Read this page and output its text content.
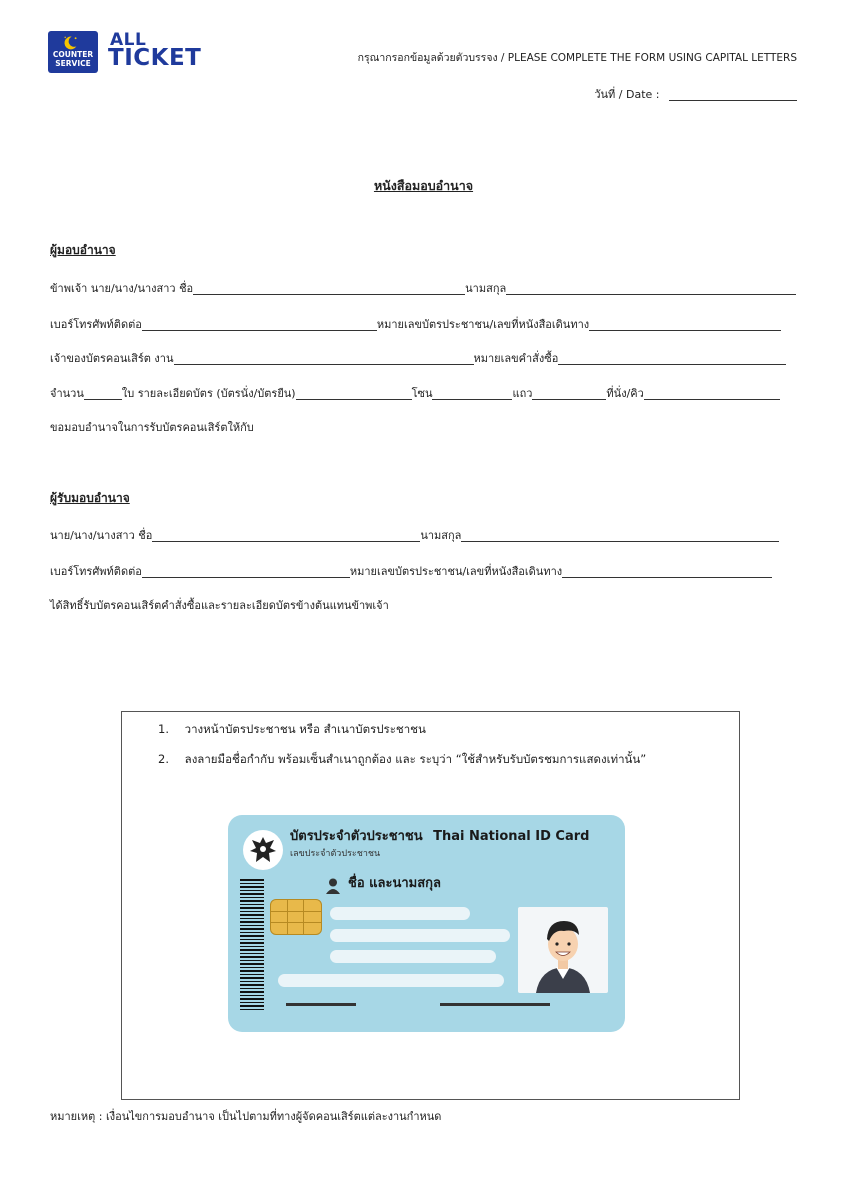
COUNTER
SERVICE
ALL
TICKET	กรุณากรอกข้อมูลด้วยตัวบรรจง / PLEASE COMPLETE THE FORM USING CAPITAL LETTERS
วันที่ / Date :
หนังสือมอบอำนาจ
ผู้มอบอำนาจ
ข้าพเจ้า นาย/นาง/นางสาว ชื่อ	นามสกุล
เบอร์โทรศัพท์ติดต่อ	หมายเลขบัตรประชาชน/เลขที่หนังสือเดินทาง
เจ้าของบัตรคอนเสิร์ต งาน	หมายเลขคำสั่งซื้อ
จำนวน	ใบ รายละเอียดบัตร (บัตรนั่ง/บัตรยืน)	โซน	แถว	ที่นั่ง/คิว
ขอมอบอำนาจในการรับบัตรคอนเสิร์ตให้กับ
ผู้รับมอบอำนาจ
นาย/นาง/นางสาว ชื่อ	นามสกุล
เบอร์โทรศัพท์ติดต่อ	หมายเลขบัตรประชาชน/เลขที่หนังสือเดินทาง
ได้สิทธิ์รับบัตรคอนเสิร์ตคำสั่งซื้อและรายละเอียดบัตรข้างต้นแทนข้าพเจ้า
1. วางหน้าบัตรประชาชน หรือ สำเนาบัตรประชาชน
2. ลงลายมือชื่อกำกับ พร้อมเซ็นสำเนาถูกต้อง และ ระบุว่า “ใช้สำหรับรับบัตรชมการแสดงเท่านั้น”
บัตรประจำตัวประชาชน Thai National ID Card
เลขประจำตัวประชาชน
ชื่อ และนามสกุล
หมายเหตุ : เงื่อนไขการมอบอำนาจ เป็นไปตามที่ทางผู้จัดคอนเสิร์ตแต่ละงานกำหนด
